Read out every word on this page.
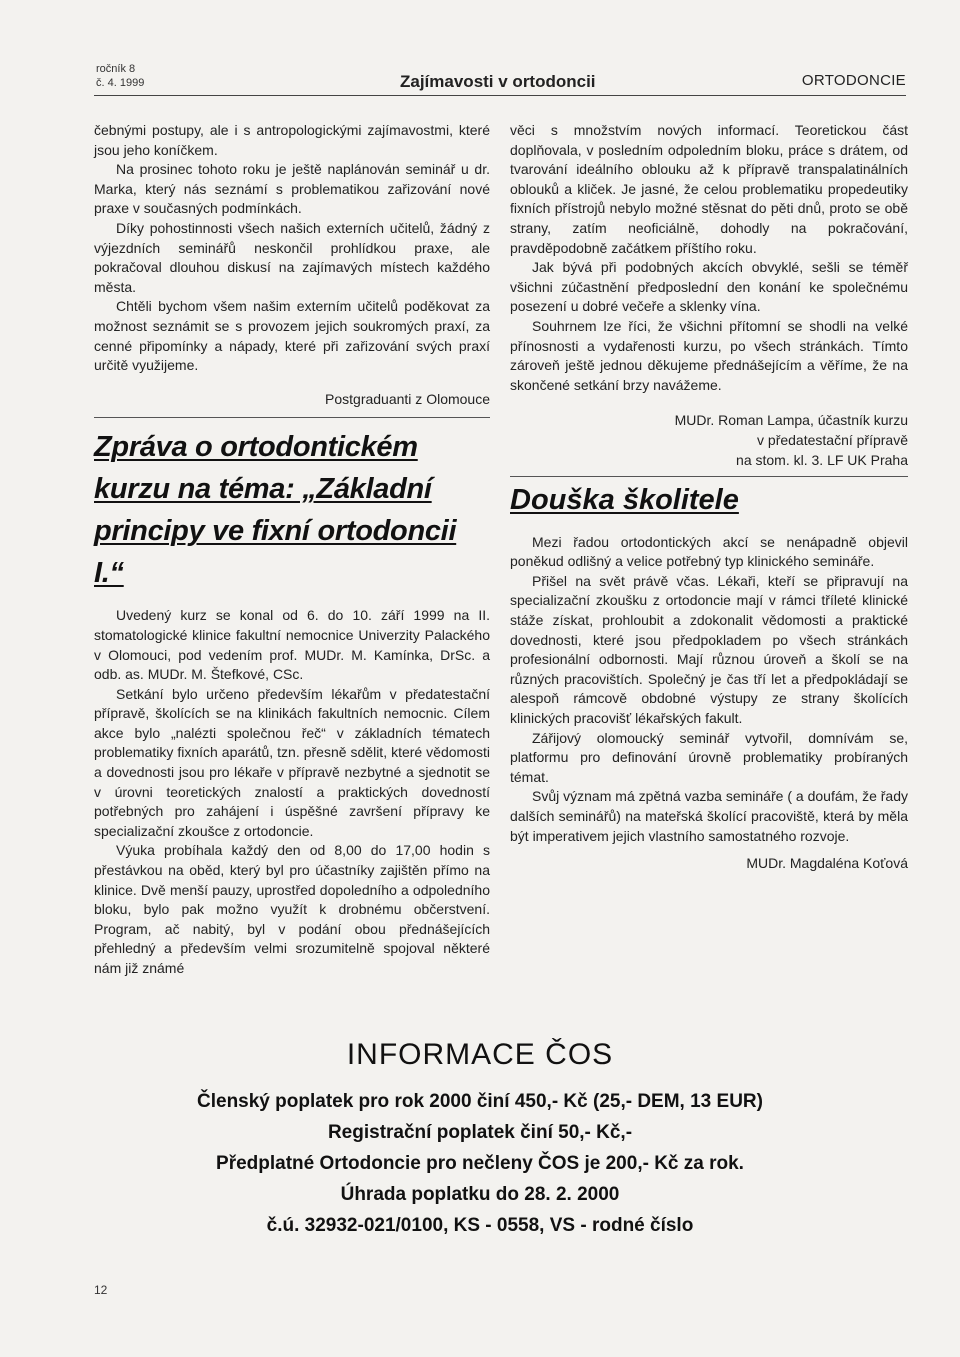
ročník 8
č. 4. 1999	Zajímavosti v ortodoncii	ORTODONCIE

čebnými postupy, ale i s antropologickými zajímavostmi, které jsou jeho koníčkem.

Na prosinec tohoto roku je ještě naplánován seminář u dr. Marka, který nás seznámí s problematikou zařizování nové praxe v současných podmínkách.

Díky pohostinnosti všech našich externích učitelů, žádný z výjezdních seminářů neskončil prohlídkou praxe, ale pokračoval dlouhou diskusí na zajímavých místech každého města.

Chtěli bychom všem našim externím učitelů poděkovat za možnost seznámit se s provozem jejich soukromých praxí, za cenné připomínky a nápady, které při zařizování svých praxí určitě využijeme.

Postgraduanti z Olomouce
Zpráva o ortodontickém kurzu na téma: „Základní principy ve fixní ortodoncii I.“

Uvedený kurz se konal od 6. do 10. září 1999 na II. stomatologické klinice fakultní nemocnice Univerzity Palackého v Olomouci, pod vedením prof. MUDr. M. Kamínka, DrSc. a odb. as. MUDr. M. Štefkové, CSc.

Setkání bylo určeno především lékařům v předatestační přípravě, školících se na klinikách fakultních nemocnic. Cílem akce bylo „nalézti společnou řeč“ v základních tématech problematiky fixních aparátů, tzn. přesně sdělit, které vědomosti a dovednosti jsou pro lékaře v přípravě nezbytné a sjednotit se v úrovni teoretických znalostí a praktických dovedností potřebných pro zahájení i úspěšné završení přípravy ke specializační zkoušce z ortodoncie.

Výuka probíhala každý den od 8,00 do 17,00 hodin s přestávkou na oběd, který byl pro účastníky zajištěn přímo na klinice. Dvě menší pauzy, uprostřed dopoledního a odpoledního bloku, bylo pak možno využít k drobnému občerstvení. Program, ač nabitý, byl v podání obou přednášejících přehledný a především velmi srozumitelně spojoval některé nám již známé

věci s množstvím nových informací. Teoretickou část doplňovala, v posledním odpoledním bloku, práce s drátem, od tvarování ideálního oblouku až k přípravě transpalatinálních oblouků a kliček. Je jasné, že celou problematiku propedeutiky fixních přístrojů nebylo možné stěsnat do pěti dnů, proto se obě strany, zatím neoficiálně, dohodly na pokračování, pravděpodobně začátkem příštího roku.

Jak bývá při podobných akcích obvyklé, sešli se téměř všichni zúčastnění předposlední den konání ke společnému posezení u dobré večeře a sklenky vína.

Souhrnem lze říci, že všichni přítomní se shodli na velké přínosnosti a vydařenosti kurzu, po všech stránkách. Tímto zároveň ještě jednou děkujeme přednášejícím a věříme, že na skončené setkání brzy navážeme.

MUDr. Roman Lampa, účastník kurzu
v předatestační přípravě
na stom. kl. 3. LF UK Praha
Douška školitele

Mezi řadou ortodontických akcí se nenápadně objevil poněkud odlišný a velice potřebný typ klinického semináře.

Přišel na svět právě včas. Lékaři, kteří se připravují na specializační zkoušku z ortodoncie mají v rámci tříleté klinické stáže získat, prohloubit a zdokonalit vědomosti a praktické dovednosti, které jsou předpokladem po všech stránkách profesionální odbornosti. Mají různou úroveň a školí se na různých pracovištích. Společný je čas tří let a předpokládají se alespoň rámcově obdobné výstupy ze strany školících klinických pracovišť lékařských fakult.

Zářijový olomoucký seminář vytvořil, domnívám se, platformu pro definování úrovně problematiky probíraných témat.

Svůj význam má zpětná vazba semináře ( a doufám, že řady dalších seminářů) na mateřská školící pracoviště, která by měla být imperativem jejich vlastního samostatného rozvoje.

MUDr. Magdaléna Koťová
INFORMACE ČOS
Členský poplatek pro rok 2000 činí 450,- Kč (25,- DEM, 13 EUR)
Registrační poplatek činí 50,- Kč,-
Předplatné Ortodoncie pro nečleny ČOS je 200,- Kč za rok.
Úhrada poplatku do 28. 2. 2000
č.ú. 32932-021/0100, KS - 0558, VS - rodné číslo
12
